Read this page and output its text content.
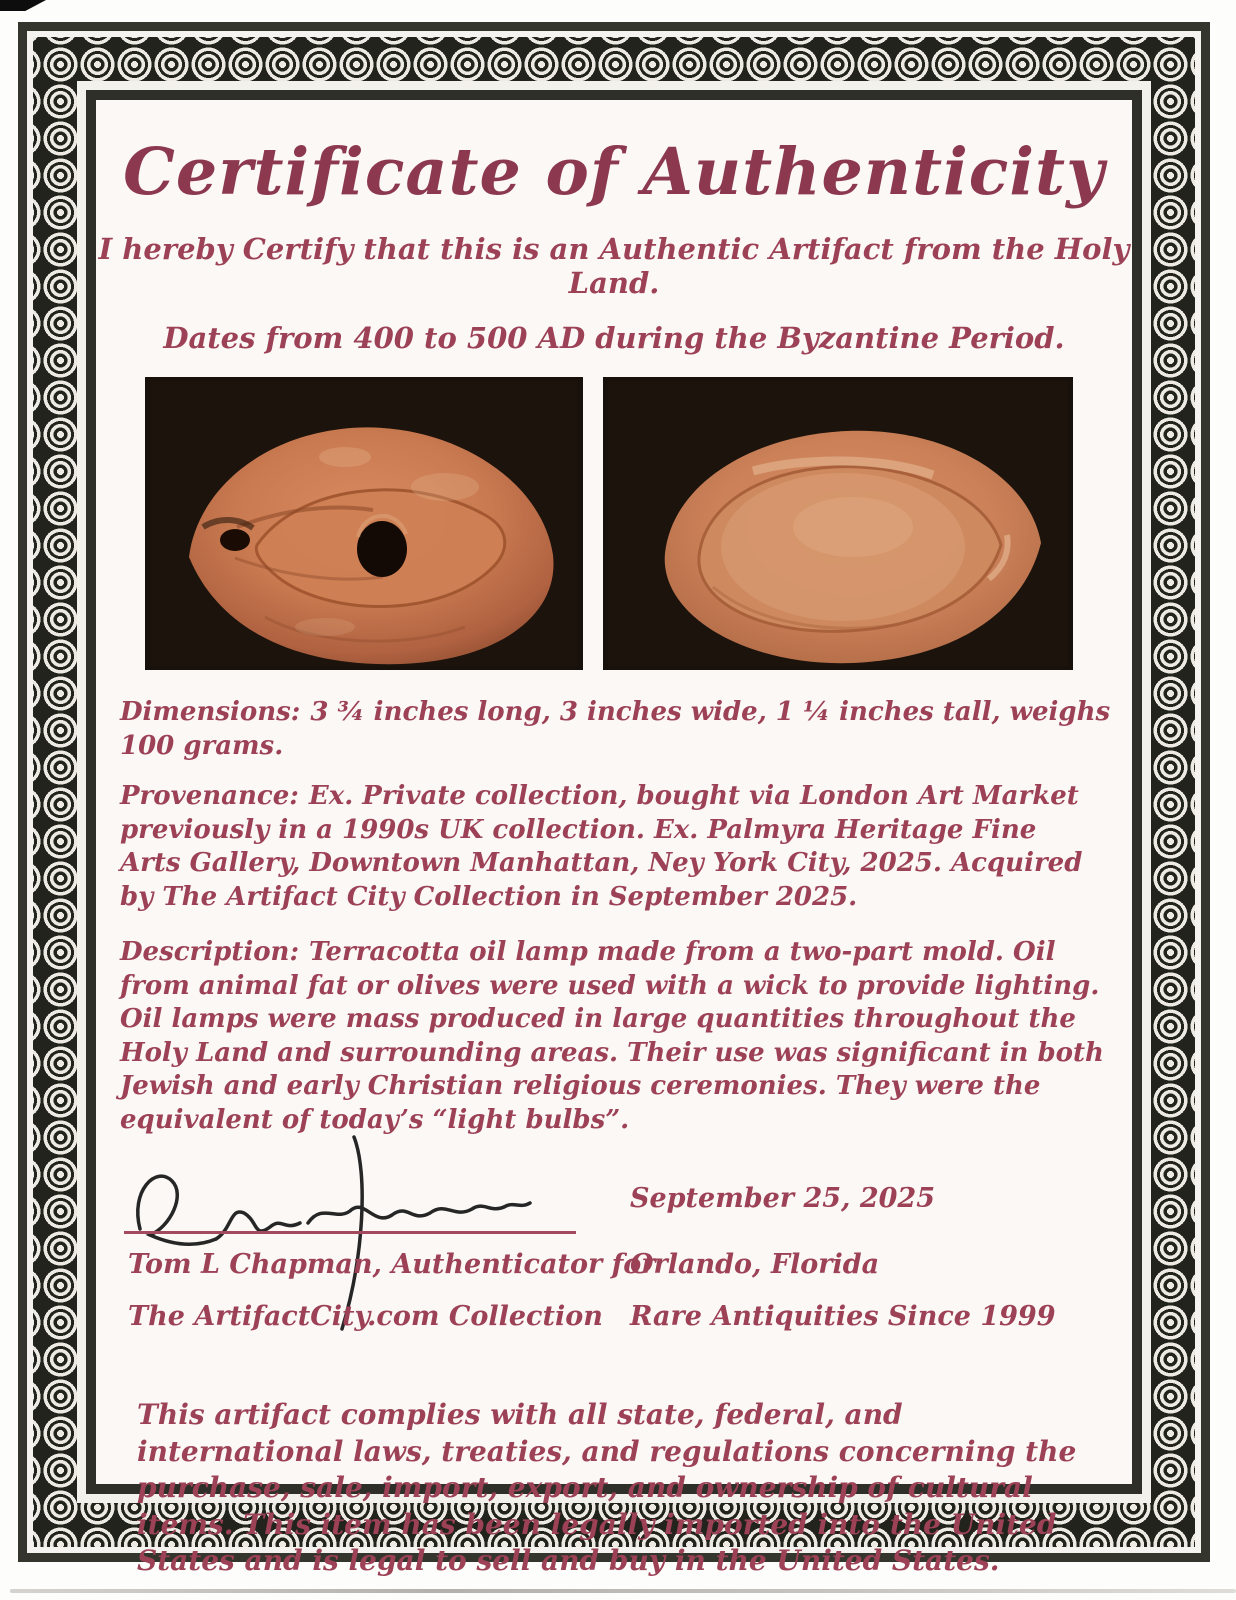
Certificate of Authenticity

I hereby Certify that this is an Authentic Artifact from the Holy Land.

Dates from 400 to 500 AD during the Byzantine Period.

Dimensions: 3 ¾ inches long, 3 inches wide, 1 ¼ inches tall, weighs 100 grams.

Provenance: Ex. Private collection, bought via London Art Market previously in a 1990s UK collection. Ex. Palmyra Heritage Fine Arts Gallery, Downtown Manhattan, Ney York City, 2025. Acquired by The Artifact City Collection in September 2025.

Description: Terracotta oil lamp made from a two-part mold. Oil from animal fat or olives were used with a wick to provide lighting. Oil lamps were mass produced in large quantities throughout the Holy Land and surrounding areas. Their use was significant in both Jewish and early Christian religious ceremonies. They were the equivalent of today’s “light bulbs”.

Tom L Chapman, Authenticator for

The ArtifactCity.com Collection

September 25, 2025

Orlando, Florida

Rare Antiquities Since 1999

This artifact complies with all state, federal, and international laws, treaties, and regulations concerning the purchase, sale, import, export, and ownership of cultural items. This item has been legally imported into the United States and is legal to sell and buy in the United States.
